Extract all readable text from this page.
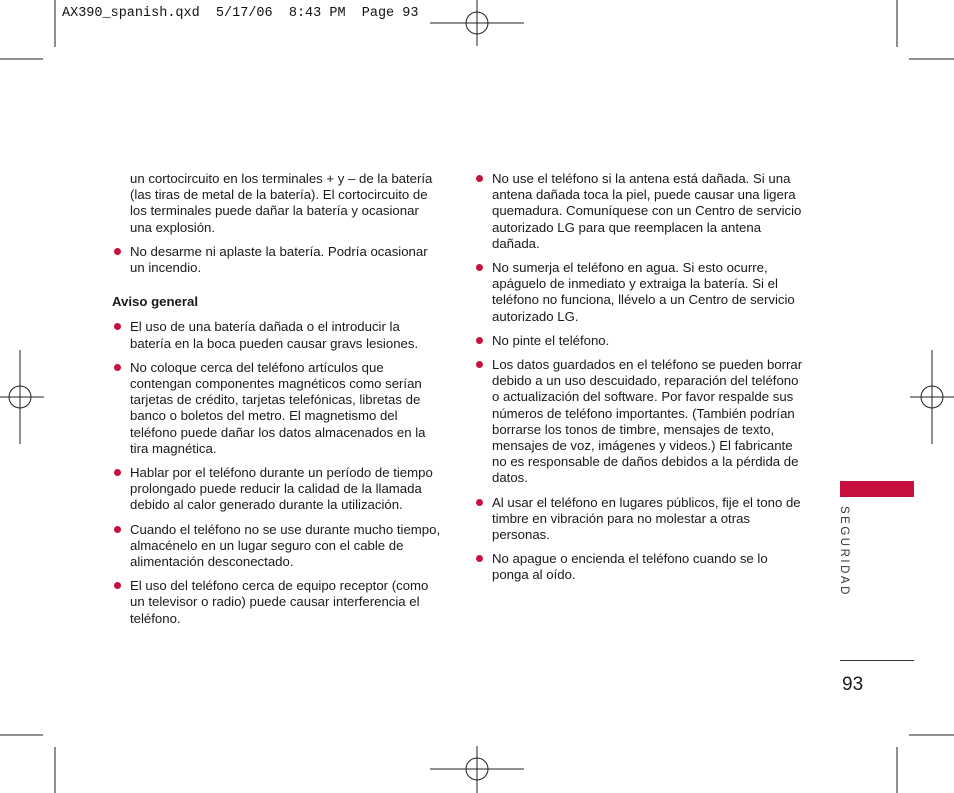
AX390_spanish.qxd  5/17/06  8:43 PM  Page 93
un cortocircuito en los terminales + y – de la batería (las tiras de metal de la batería). El cortocircuito de los terminales puede dañar la batería y ocasionar una explosión.
No desarme ni aplaste la batería. Podría ocasionar un incendio.
Aviso general
El uso de una batería dañada o el introducir la batería en la boca pueden causar gravs lesiones.
No coloque cerca del teléfono artículos que contengan componentes magnéticos como serían tarjetas de crédito, tarjetas telefónicas, libretas de banco o boletos del metro. El magnetismo del teléfono puede dañar los datos almacenados en la tira magnética.
Hablar por el teléfono durante un período de tiempo prolongado puede reducir la calidad de la llamada debido al calor generado durante la utilización.
Cuando el teléfono no se use durante mucho tiempo, almacénelo en un lugar seguro con el cable de alimentación desconectado.
El uso del teléfono cerca de equipo receptor (como un televisor o radio) puede causar interferencia el teléfono.
No use el teléfono si la antena está dañada. Si una antena dañada toca la piel, puede causar una ligera quemadura. Comuníquese con un Centro de servicio autorizado LG para que reemplacen la antena dañada.
No sumerja el teléfono en agua. Si esto ocurre, apáguelo de inmediato y extraiga la batería. Si el teléfono no funciona, llévelo a un Centro de servicio autorizado LG.
No pinte el teléfono.
Los datos guardados en el teléfono se pueden borrar debido a un uso descuidado, reparación del teléfono o actualización del software. Por favor respalde sus números de teléfono importantes. (También podrían borrarse los tonos de timbre, mensajes de texto, mensajes de voz, imágenes y videos.) El fabricante no es responsable de daños debidos a la pérdida de datos.
Al usar el teléfono en lugares públicos, fije el tono de timbre en vibración para no molestar a otras personas.
No apague o encienda el teléfono cuando se lo ponga al oído.	SEGURIDAD
93
